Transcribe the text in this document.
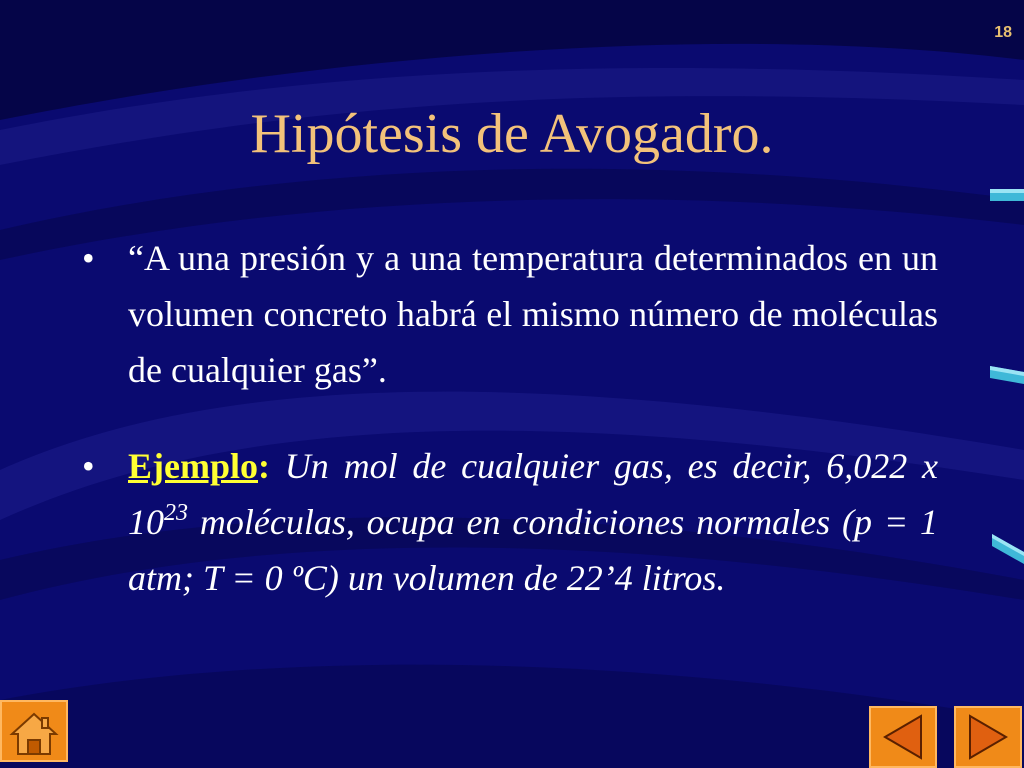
18
Hipótesis de Avogadro.
• “A una presión y a una temperatura determinados en un volumen concreto habrá el mismo número de moléculas de cualquier gas”.
• Ejemplo: Un mol de cualquier gas, es decir, 6,022 x $10^{23}$ moléculas, ocupa en condiciones normales (p = 1 atm; T = 0 ºC) un volumen de 22’4 litros.
